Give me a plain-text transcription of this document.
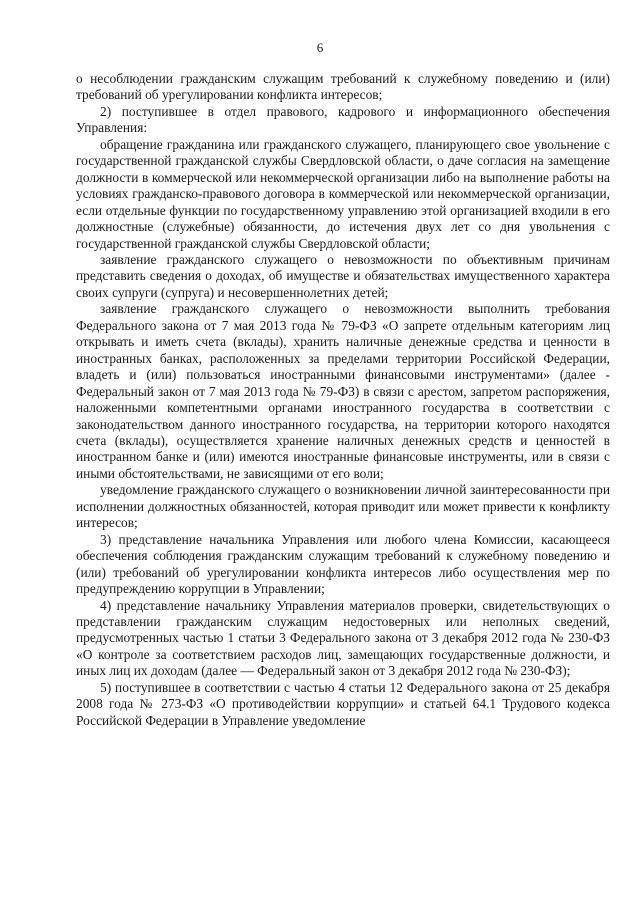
6

о несоблюдении гражданским служащим требований к служебному поведению и (или) требований об урегулировании конфликта интересов;

2) поступившее в отдел правового, кадрового и информационного обеспечения Управления:

обращение гражданина или гражданского служащего, планирующего свое увольнение с государственной гражданской службы Свердловской области, о даче согласия на замещение должности в коммерческой или некоммерческой организации либо на выполнение работы на условиях гражданско-правового договора в коммерческой или некоммерческой организации, если отдельные функции по государственному управлению этой организацией входили в его должностные (служебные) обязанности, до истечения двух лет со дня увольнения с государственной гражданской службы Свердловской области;

заявление гражданского служащего о невозможности по объективным причинам представить сведения о доходах, об имуществе и обязательствах имущественного характера своих супруги (супруга) и несовершеннолетних детей;

заявление гражданского служащего о невозможности выполнить требования Федерального закона от 7 мая 2013 года № 79-ФЗ «О запрете отдельным категориям лиц открывать и иметь счета (вклады), хранить наличные денежные средства и ценности в иностранных банках, расположенных за пределами территории Российской Федерации, владеть и (или) пользоваться иностранными финансовыми инструментами» (далее - Федеральный закон от 7 мая 2013 года № 79-ФЗ) в связи с арестом, запретом распоряжения, наложенными компетентными органами иностранного государства в соответствии с законодательством данного иностранного государства, на территории которого находятся счета (вклады), осуществляется хранение наличных денежных средств и ценностей в иностранном банке и (или) имеются иностранные финансовые инструменты, или в связи с иными обстоятельствами, не зависящими от его воли;

уведомление гражданского служащего о возникновении личной заинтересованности при исполнении должностных обязанностей, которая приводит или может привести к конфликту интересов;

3) представление начальника Управления или любого члена Комиссии, касающееся обеспечения соблюдения гражданским служащим требований к служебному поведению и (или) требований об урегулировании конфликта интересов либо осуществления мер по предупреждению коррупции в Управлении;

4) представление начальнику Управления материалов проверки, свидетельствующих о представлении гражданским служащим недостоверных или неполных сведений, предусмотренных частью 1 статьи 3 Федерального закона от 3 декабря 2012 года № 230-ФЗ «О контроле за соответствием расходов лиц, замещающих государственные должности, и иных лиц их доходам (далее — Федеральный закон от 3 декабря 2012 года № 230-ФЗ);

5) поступившее в соответствии с частью 4 статьи 12 Федерального закона от 25 декабря 2008 года № 273-ФЗ «О противодействии коррупции» и статьей 64.1 Трудового кодекса Российской Федерации в Управление уведомление
